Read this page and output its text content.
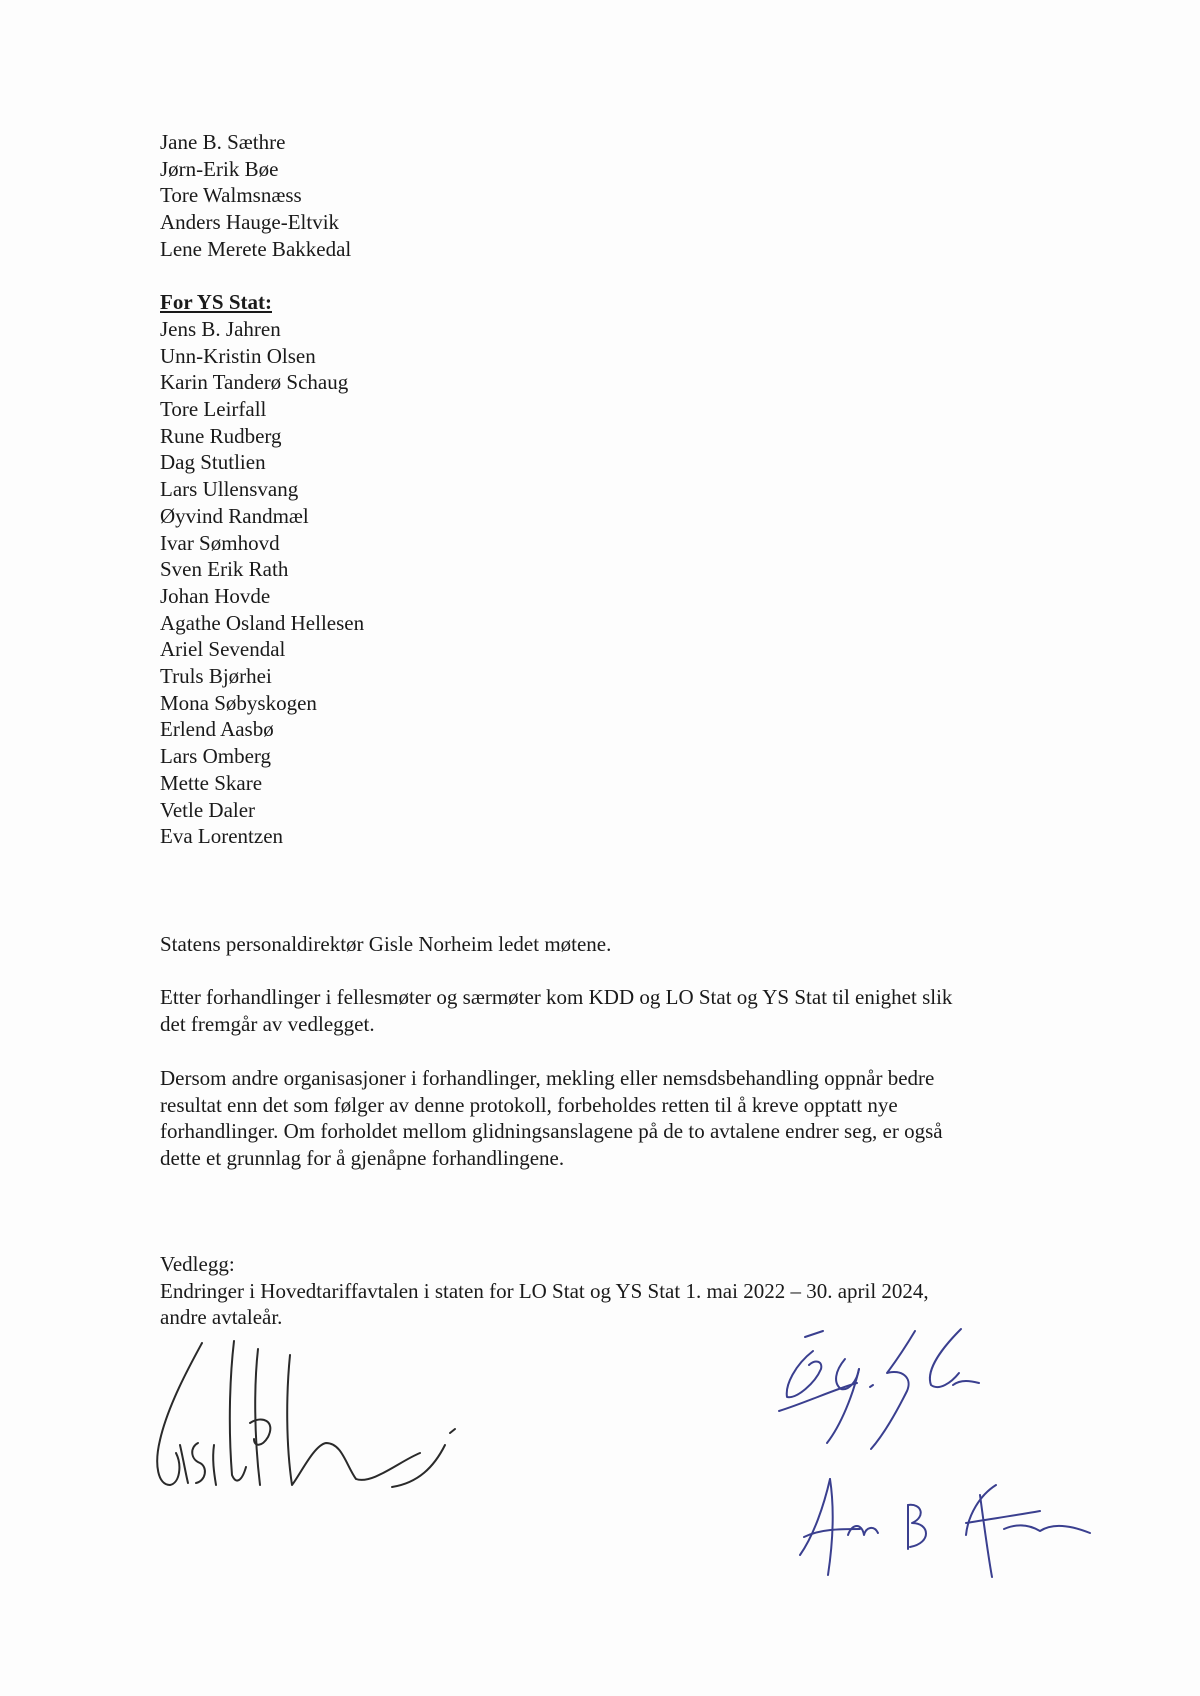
Jane B. Sæthre
Jørn-Erik Bøe
Tore Walmsnæss
Anders Hauge-Eltvik
Lene Merete Bakkedal
For YS Stat:
Jens B. Jahren
Unn-Kristin Olsen
Karin Tanderø Schaug
Tore Leirfall
Rune Rudberg
Dag Stutlien
Lars Ullensvang
Øyvind Randmæl
Ivar Sømhovd
Sven Erik Rath
Johan Hovde
Agathe Osland Hellesen
Ariel Sevendal
Truls Bjørhei
Mona Søbyskogen
Erlend Aasbø
Lars Omberg
Mette Skare
Vetle Daler
Eva Lorentzen
Statens personaldirektør Gisle Norheim ledet møtene.
Etter forhandlinger i fellesmøter og særmøter kom KDD og LO Stat og YS Stat til enighet slik
det fremgår av vedlegget.
Dersom andre organisasjoner i forhandlinger, mekling eller nemsdsbehandling oppnår bedre
resultat enn det som følger av denne protokoll, forbeholdes retten til å kreve opptatt nye
forhandlinger. Om forholdet mellom glidningsanslagene på de to avtalene endrer seg, er også
dette et grunnlag for å gjenåpne forhandlingene.
Vedlegg:
Endringer i Hovedtariffavtalen i staten for LO Stat og YS Stat 1. mai 2022 – 30. april 2024,
andre avtaleår.
